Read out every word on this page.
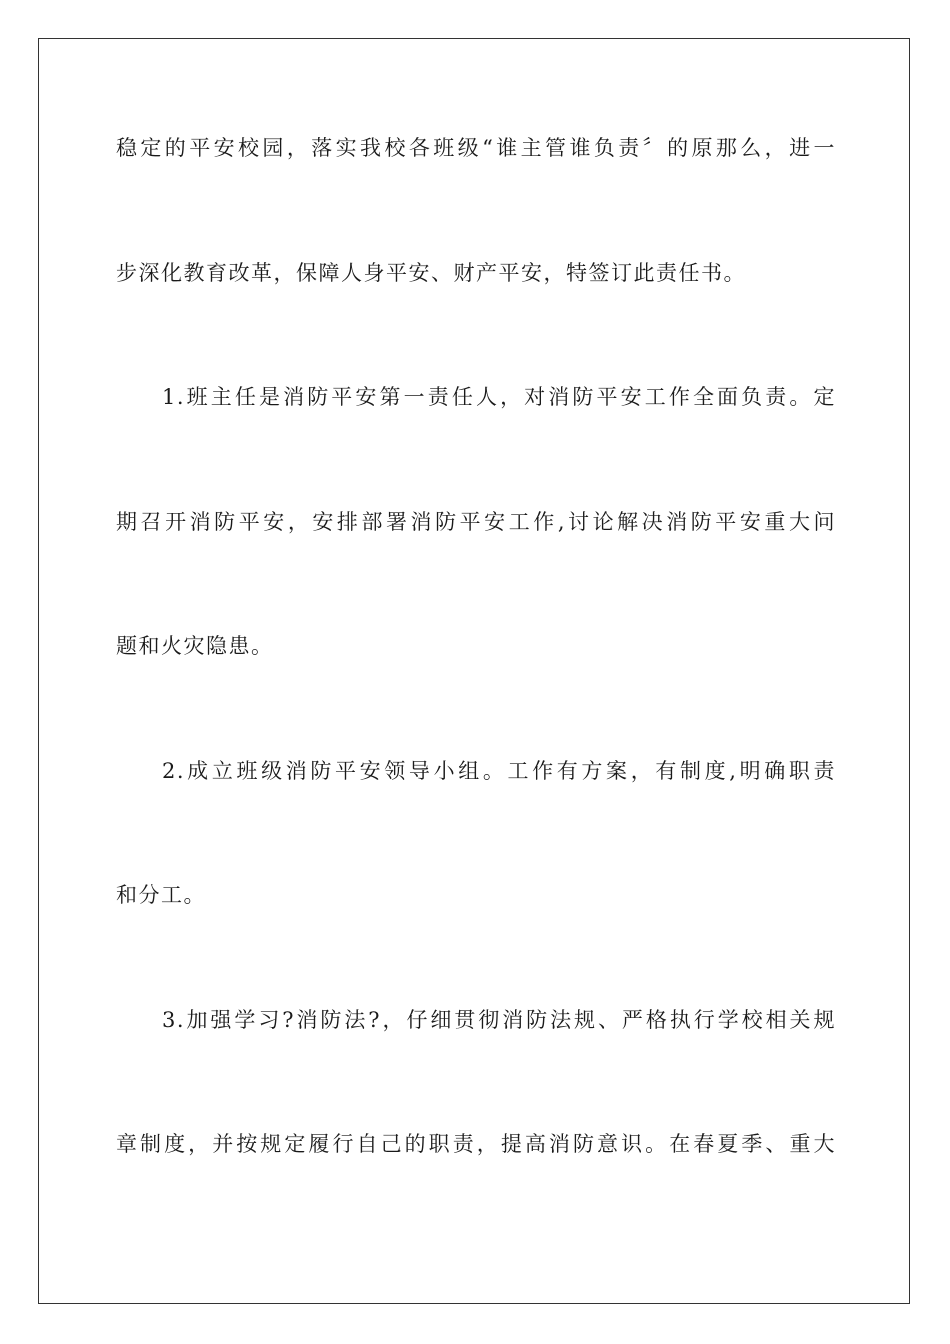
稳定的平安校园，落实我校各班级“谁主管谁负责〞的原那么，进一
步深化教育改革，保障人身平安、财产平安，特签订此责任书。
1.班主任是消防平安第一责任人，对消防平安工作全面负责。定
期召开消防平安，安排部署消防平安工作,讨论解决消防平安重大问
题和火灾隐患。
2.成立班级消防平安领导小组。工作有方案，有制度,明确职责
和分工。
3.加强学习?消防法?，仔细贯彻消防法规、严格执行学校相关规
章制度，并按规定履行自己的职责，提高消防意识。在春夏季、重大
